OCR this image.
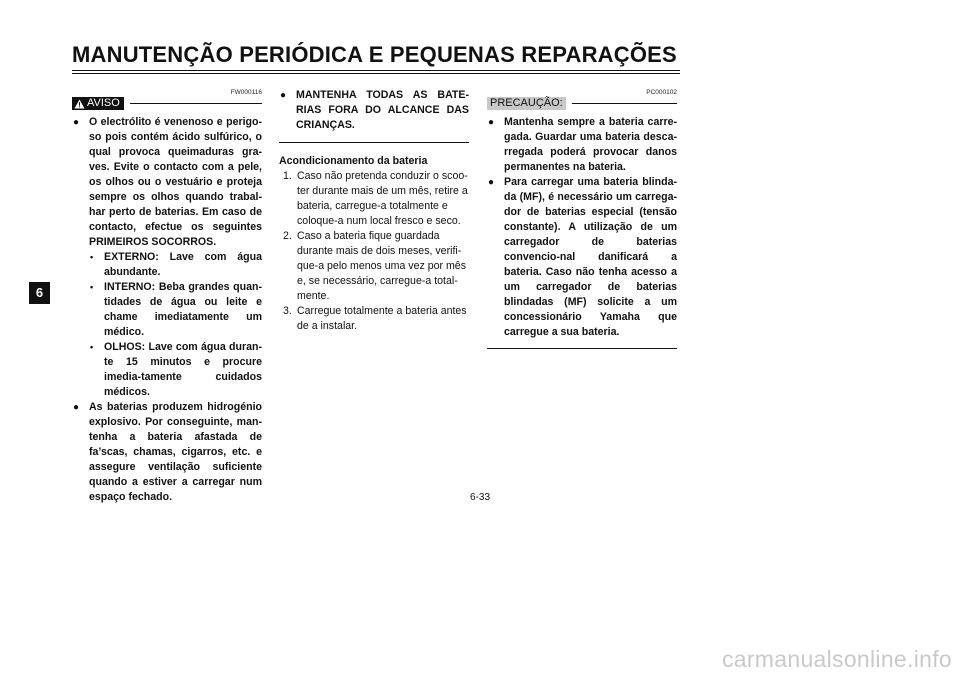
MANUTENÇÃO PERIÓDICA E PEQUENAS REPARAÇÕES
6
FW000116
AVISO
● O electrólito é venenoso e perigo-so pois contém ácido sulfúrico, o qual provoca queimaduras gra-ves. Evite o contacto com a pele, os olhos ou o vestuário e proteja sempre os olhos quando trabal-har perto de baterias. Em caso de contacto, efectue os seguintes PRIMEIROS SOCORROS.
• EXTERNO: Lave com água abundante.
• INTERNO: Beba grandes quan-tidades de água ou leite e chame imediatamente um médico.
• OLHOS: Lave com água duran-te 15 minutos e procure imedia-tamente cuidados médicos.
● As baterias produzem hidrogénio explosivo. Por conseguinte, man-tenha a bateria afastada de fa’scas, chamas, cigarros, etc. e assegure ventilação suficiente quando a estiver a carregar num espaço fechado.
● MANTENHA TODAS AS BATE-RIAS FORA DO ALCANCE DAS CRIANÇAS.
Acondicionamento da bateria
1. Caso não pretenda conduzir o scoo-ter durante mais de um mês, retire a bateria, carregue-a totalmente e coloque-a num local fresco e seco.
2. Caso a bateria fique guardada durante mais de dois meses, verifi-que-a pelo menos uma vez por mês e, se necessário, carregue-a total-mente.
3. Carregue totalmente a bateria antes de a instalar.
PC000102
PRECAUÇÃO:
● Mantenha sempre a bateria carre-gada. Guardar uma bateria desca-rregada poderá provocar danos permanentes na bateria.
● Para carregar uma bateria blinda-da (MF), é necessário um carrega-dor de baterias especial (tensão constante). A utilização de um carregador de baterias convencio-nal danificará a bateria. Caso não tenha acesso a um carregador de baterias blindadas (MF) solicite a um concessionário Yamaha que carregue a sua bateria.
6-33
carmanualsonline.info
